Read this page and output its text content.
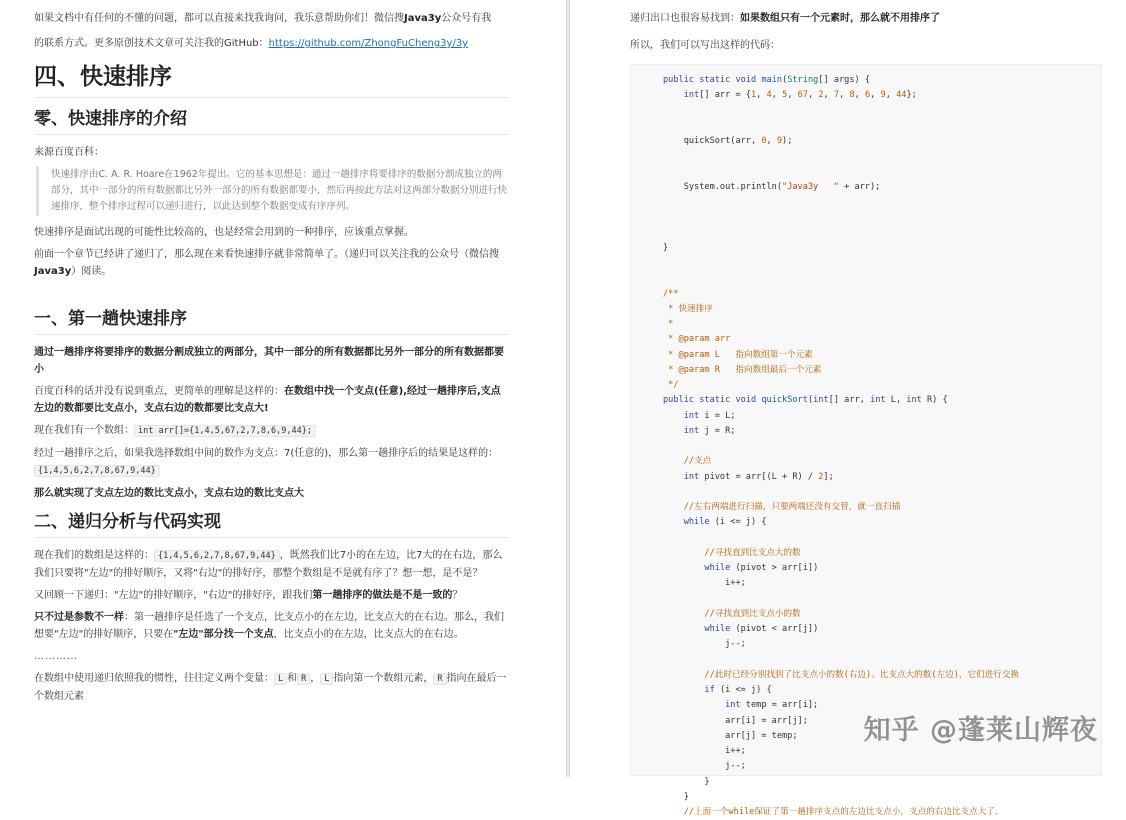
如果文档中有任何的不懂的问题，都可以直接来找我询问，我乐意帮助你们！微信搜Java3y公众号有我
的联系方式。更多原创技术文章可关注我的GitHub：https://github.com/ZhongFuCheng3y/3y

四、快速排序
零、快速排序的介绍

来源百度百科：

快速排序由C. A. R. Hoare在1962年提出。它的基本思想是：通过一趟排序将要排序的数据分割成独立的两部分，其中一部分的所有数据都比另外一部分的所有数据都要小，然后再按此方法对这两部分数据分别进行快速排序，整个排序过程可以递归进行，以此达到整个数据变成有序序列。

快速排序是面试出现的可能性比较高的，也是经常会用到的一种排序，应该重点掌握。

前面一个章节已经讲了递归了，那么现在来看快速排序就非常简单了。（递归可以关注我的公众号（微信搜Java3y）阅读。

一、第一趟快速排序

通过一趟排序将要排序的数据分割成独立的两部分，其中一部分的所有数据都比另外一部分的所有数据都要小

百度百科的话并没有说到重点，更简单的理解是这样的：在数组中找一个支点(任意),经过一趟排序后,支点左边的数都要比支点小，支点右边的数都要比支点大!

现在我们有一个数组： int arr[]={1,4,5,67,2,7,8,6,9,44};

经过一趟排序之后，如果我选择数组中间的数作为支点：7(任意的)，那么第一趟排序后的结果是这样的：{1,4,5,6,2,7,8,67,9,44}

那么就实现了支点左边的数比支点小，支点右边的数比支点大

二、递归分析与代码实现

现在我们的数组是这样的： {1,4,5,6,2,7,8,67,9,44} ，既然我们比7小的在左边，比7大的在右边，那么我们只要将"左边"的排好顺序，又将"右边"的排好序，那整个数组是不是就有序了？想一想，是不是？

又回顾一下递归："左边"的排好顺序，"右边"的排好序，跟我们第一趟排序的做法是不是一致的？

只不过是参数不一样：第一趟排序是任选了一个支点，比支点小的在左边，比支点大的在右边。那么，我们想要"左边"的排好顺序，只要在"左边"部分找一个支点，比支点小的在左边，比支点大的在右边。

…………

在数组中使用递归依照我的惯性，往往定义两个变量： L 和 R ， L 指向第一个数组元素， R 指向在最后一个数组元素

递归出口也很容易找到：如果数组只有一个元素时，那么就不用排序了

所以，我们可以写出这样的代码：

public static void main(String[] args) {
int[] arr = {1, 4, 5, 67, 2, 7, 8, 6, 9, 44};

quickSort(arr, 0, 9);

System.out.println("Java3y   " + arr);

}

/**
* 快速排序
*
* @param arr
* @param L   指向数组第一个元素
* @param R   指向数组最后一个元素
*/
public static void quickSort(int[] arr, int L, int R) {
int i = L;
int j = R;

//支点
int pivot = arr[(L + R) / 2];

//左右两端进行扫描，只要两端还没有交替，就一直扫描
while (i <= j) {

//寻找直到比支点大的数
while (pivot > arr[i])
i++;

//寻找直到比支点小的数
while (pivot < arr[j])
j--;

//此时已经分别找到了比支点小的数(右边)、比支点大的数(左边)，它们进行交换
if (i <= j) {
int temp = arr[i];
arr[i] = arr[j];
arr[j] = temp;
i++;
j--;
}
}
//上面一个while保证了第一趟排序支点的左边比支点小，支点的右边比支点大了。
知乎 @蓬莱山辉夜
